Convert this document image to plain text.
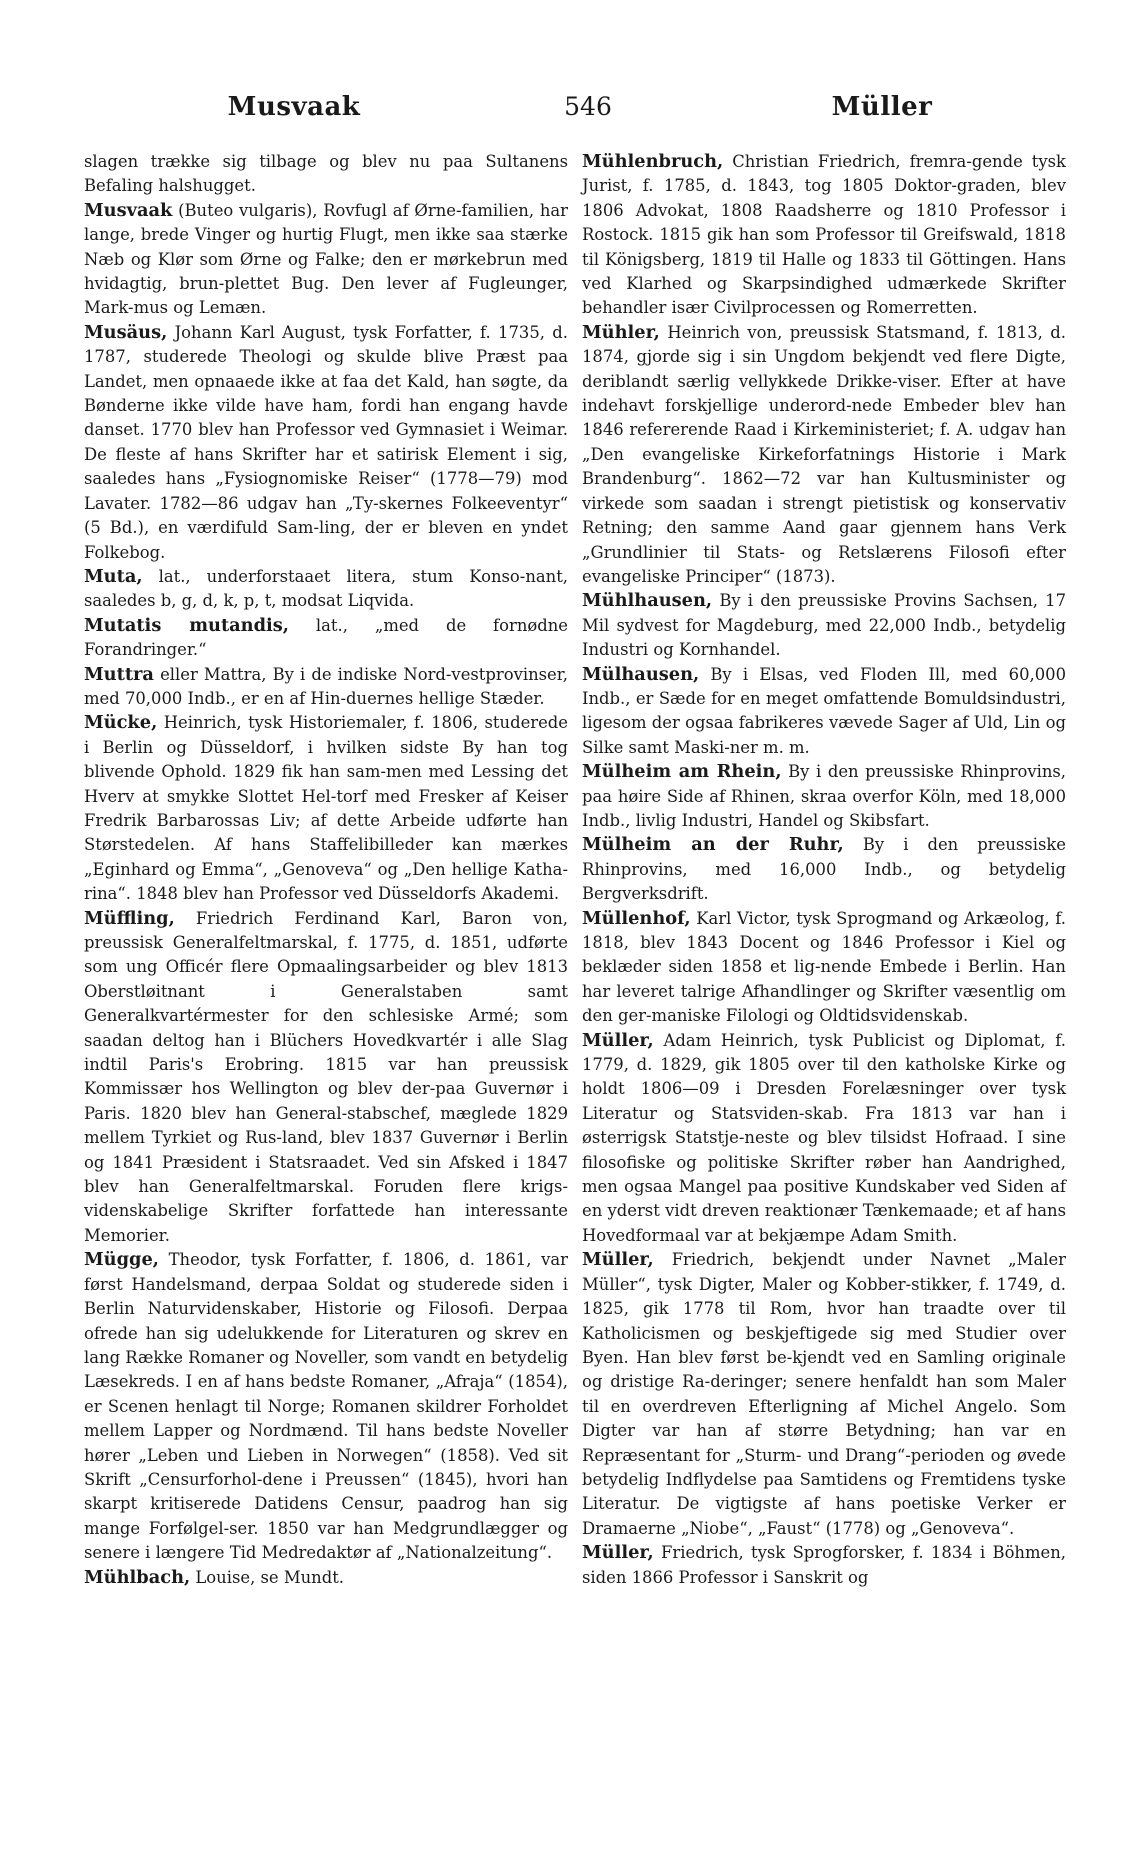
Musvaak	546	Müller

slagen trække sig tilbage og blev nu paa Sultanens Befaling halshugget.

Musvaak (Buteo vulgaris), Rovfugl af Ørne-familien, har lange, brede Vinger og hurtig Flugt, men ikke saa stærke Næb og Klør som Ørne og Falke; den er mørkebrun med hvidagtig, brun-plettet Bug. Den lever af Fugleunger, Mark-mus og Lemæn.

Musäus, Johann Karl August, tysk Forfatter, f. 1735, d. 1787, studerede Theologi og skulde blive Præst paa Landet, men opnaaede ikke at faa det Kald, han søgte, da Bønderne ikke vilde have ham, fordi han engang havde danset. 1770 blev han Professor ved Gymnasiet i Weimar. De fleste af hans Skrifter har et satirisk Element i sig, saaledes hans „Fysiognomiske Reiser“ (1778—79) mod Lavater. 1782—86 udgav han „Ty-skernes Folkeeventyr“ (5 Bd.), en værdifuld Sam-ling, der er bleven en yndet Folkebog.

Muta, lat., underforstaaet litera, stum Konso-nant, saaledes b, g, d, k, p, t, modsat Liqvida.

Mutatis mutandis, lat., „med de fornødne Forandringer.“

Muttra eller Mattra, By i de indiske Nord-vestprovinser, med 70,000 Indb., er en af Hin-duernes hellige Stæder.

Mücke, Heinrich, tysk Historiemaler, f. 1806, studerede i Berlin og Düsseldorf, i hvilken sidste By han tog blivende Ophold. 1829 fik han sam-men med Lessing det Hverv at smykke Slottet Hel-torf med Fresker af Keiser Fredrik Barbarossas Liv; af dette Arbeide udførte han Størstedelen. Af hans Staffelibilleder kan mærkes „Eginhard og Emma“, „Genoveva“ og „Den hellige Katha-rina“. 1848 blev han Professor ved Düsseldorfs Akademi.

Müffling, Friedrich Ferdinand Karl, Baron von, preussisk Generalfeltmarskal, f. 1775, d. 1851, udførte som ung Officér flere Opmaalingsarbeider og blev 1813 Oberstløitnant i Generalstaben samt Generalkvartérmester for den schlesiske Armé; som saadan deltog han i Blüchers Hovedkvartér i alle Slag indtil Paris's Erobring. 1815 var han preussisk Kommissær hos Wellington og blev der-paa Guvernør i Paris. 1820 blev han General-stabschef, mæglede 1829 mellem Tyrkiet og Rus-land, blev 1837 Guvernør i Berlin og 1841 Præsident i Statsraadet. Ved sin Afsked i 1847 blev han Generalfeltmarskal. Foruden flere krigs-videnskabelige Skrifter forfattede han interessante Memorier.

Mügge, Theodor, tysk Forfatter, f. 1806, d. 1861, var først Handelsmand, derpaa Soldat og studerede siden i Berlin Naturvidenskaber, Historie og Filosofi. Derpaa ofrede han sig udelukkende for Literaturen og skrev en lang Række Romaner og Noveller, som vandt en betydelig Læsekreds. I en af hans bedste Romaner, „Afraja“ (1854), er Scenen henlagt til Norge; Romanen skildrer Forholdet mellem Lapper og Nordmænd. Til hans bedste Noveller hører „Leben und Lieben in Norwegen“ (1858). Ved sit Skrift „Censurforhol-dene i Preussen“ (1845), hvori han skarpt kritiserede Datidens Censur, paadrog han sig mange Forfølgel-ser. 1850 var han Medgrundlægger og senere i længere Tid Medredaktør af „Nationalzeitung“.

Mühlbach, Louise, se Mundt.

Mühlenbruch, Christian Friedrich, fremra-gende tysk Jurist, f. 1785, d. 1843, tog 1805 Doktor-graden, blev 1806 Advokat, 1808 Raadsherre og 1810 Professor i Rostock. 1815 gik han som Professor til Greifswald, 1818 til Königsberg, 1819 til Halle og 1833 til Göttingen. Hans ved Klarhed og Skarpsindighed udmærkede Skrifter behandler især Civilprocessen og Romerretten.

Mühler, Heinrich von, preussisk Statsmand, f. 1813, d. 1874, gjorde sig i sin Ungdom bekjendt ved flere Digte, deriblandt særlig vellykkede Drikke-viser. Efter at have indehavt forskjellige underord-nede Embeder blev han 1846 refererende Raad i Kirkeministeriet; f. A. udgav han „Den evangeliske Kirkeforfatnings Historie i Mark Brandenburg“. 1862—72 var han Kultusminister og virkede som saadan i strengt pietistisk og konservativ Retning; den samme Aand gaar gjennem hans Verk „Grundlinier til Stats- og Retslærens Filosofi efter evangeliske Principer“ (1873).

Mühlhausen, By i den preussiske Provins Sachsen, 17 Mil sydvest for Magdeburg, med 22,000 Indb., betydelig Industri og Kornhandel.

Mülhausen, By i Elsas, ved Floden Ill, med 60,000 Indb., er Sæde for en meget omfattende Bomuldsindustri, ligesom der ogsaa fabrikeres vævede Sager af Uld, Lin og Silke samt Maski-ner m. m.

Mülheim am Rhein, By i den preussiske Rhinprovins, paa høire Side af Rhinen, skraa overfor Köln, med 18,000 Indb., livlig Industri, Handel og Skibsfart.

Mülheim an der Ruhr, By i den preussiske Rhinprovins, med 16,000 Indb., og betydelig Bergverksdrift.

Müllenhof, Karl Victor, tysk Sprogmand og Arkæolog, f. 1818, blev 1843 Docent og 1846 Professor i Kiel og beklæder siden 1858 et lig-nende Embede i Berlin. Han har leveret talrige Afhandlinger og Skrifter væsentlig om den ger-maniske Filologi og Oldtidsvidenskab.

Müller, Adam Heinrich, tysk Publicist og Diplomat, f. 1779, d. 1829, gik 1805 over til den katholske Kirke og holdt 1806—09 i Dresden Forelæsninger over tysk Literatur og Statsviden-skab. Fra 1813 var han i østerrigsk Statstje-neste og blev tilsidst Hofraad. I sine filosofiske og politiske Skrifter røber han Aandrighed, men ogsaa Mangel paa positive Kundskaber ved Siden af en yderst vidt dreven reaktionær Tænkemaade; et af hans Hovedformaal var at bekjæmpe Adam Smith.

Müller, Friedrich, bekjendt under Navnet „Maler Müller“, tysk Digter, Maler og Kobber-stikker, f. 1749, d. 1825, gik 1778 til Rom, hvor han traadte over til Katholicismen og beskjeftigede sig med Studier over Byen. Han blev først be-kjendt ved en Samling originale og dristige Ra-deringer; senere henfaldt han som Maler til en overdreven Efterligning af Michel Angelo. Som Digter var han af større Betydning; han var en Repræsentant for „Sturm- und Drang“-perioden og øvede betydelig Indflydelse paa Samtidens og Fremtidens tyske Literatur. De vigtigste af hans poetiske Verker er Dramaerne „Niobe“, „Faust“ (1778) og „Genoveva“.

Müller, Friedrich, tysk Sprogforsker, f. 1834 i Böhmen, siden 1866 Professor i Sanskrit og
